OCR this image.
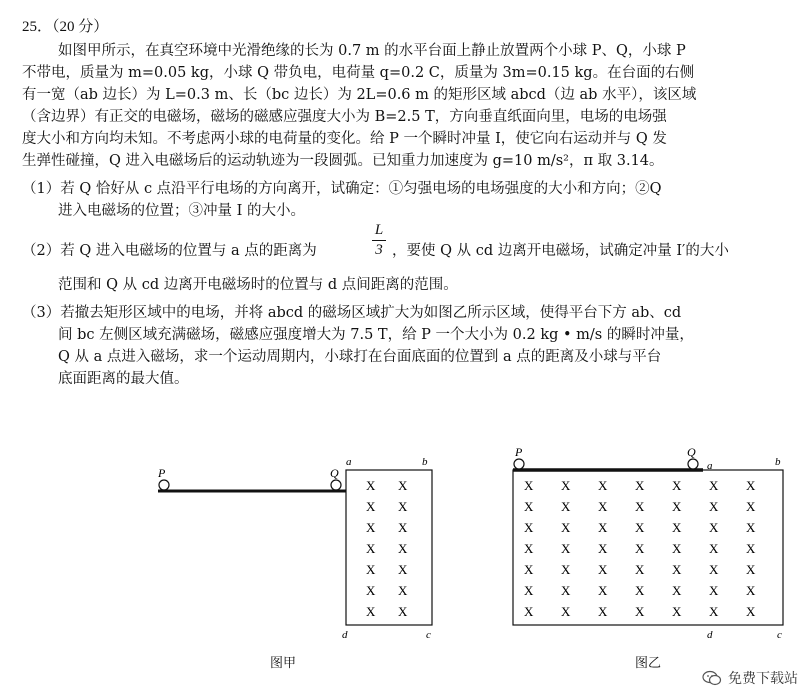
25．（20 分）
如图甲所示，在真空环境中光滑绝缘的长为 0.7 m 的水平台面上静止放置两个小球 P、Q，小球 P
不带电，质量为 m=0.05 kg，小球 Q 带负电，电荷量 q=0.2 C，质量为 3m=0.15 kg。在台面的右侧
有一宽（ab 边长）为 L=0.3 m、长（bc 边长）为 2L=0.6 m 的矩形区域 abcd（边 ab 水平），该区域
（含边界）有正交的电磁场，磁场的磁感应强度大小为 B=2.5 T，方向垂直纸面向里，电场的电场强
度大小和方向均未知。不考虑两小球的电荷量的变化。给 P 一个瞬时冲量 I，使它向右运动并与 Q 发
生弹性碰撞，Q 进入电磁场后的运动轨迹为一段圆弧。已知重力加速度为 g=10 m/s²，π 取 3.14。
（1）若 Q 恰好从 c 点沿平行电场的方向离开，试确定：①匀强电场的电场强度的大小和方向；②Q
进入电磁场的位置；③冲量 I 的大小。
（2）若 Q 进入电磁场的位置与 a 点的距离为
L
3 ，要使 Q 从 cd 边离开电磁场，试确定冲量 I′的大小
范围和 Q 从 cd 边离开电磁场时的位置与 d 点间距离的范围。
（3）若撤去矩形区域中的电场，并将 abcd 的磁场区域扩大为如图乙所示区域，使得平台下方 ab、cd
间 bc 左侧区域充满磁场，磁感应强度增大为 7.5 T，给 P 一个大小为 0.2 kg • m/s 的瞬时冲量，
Q 从 a 点进入磁场，求一个运动周期内，小球打在台面底面的位置到 a 点的距离及小球与平台
底面距离的最大值。
P	Q
a	b
d	c
X X
X X
X X
X X
X X
X X
X X
图甲
P	Q
a	b
d	c
X X X X X X X
X X X X X X X
X X X X X X X
X X X X X X X
X X X X X X X
X X X X X X X
X X X X X X X
图乙
免费下载站
